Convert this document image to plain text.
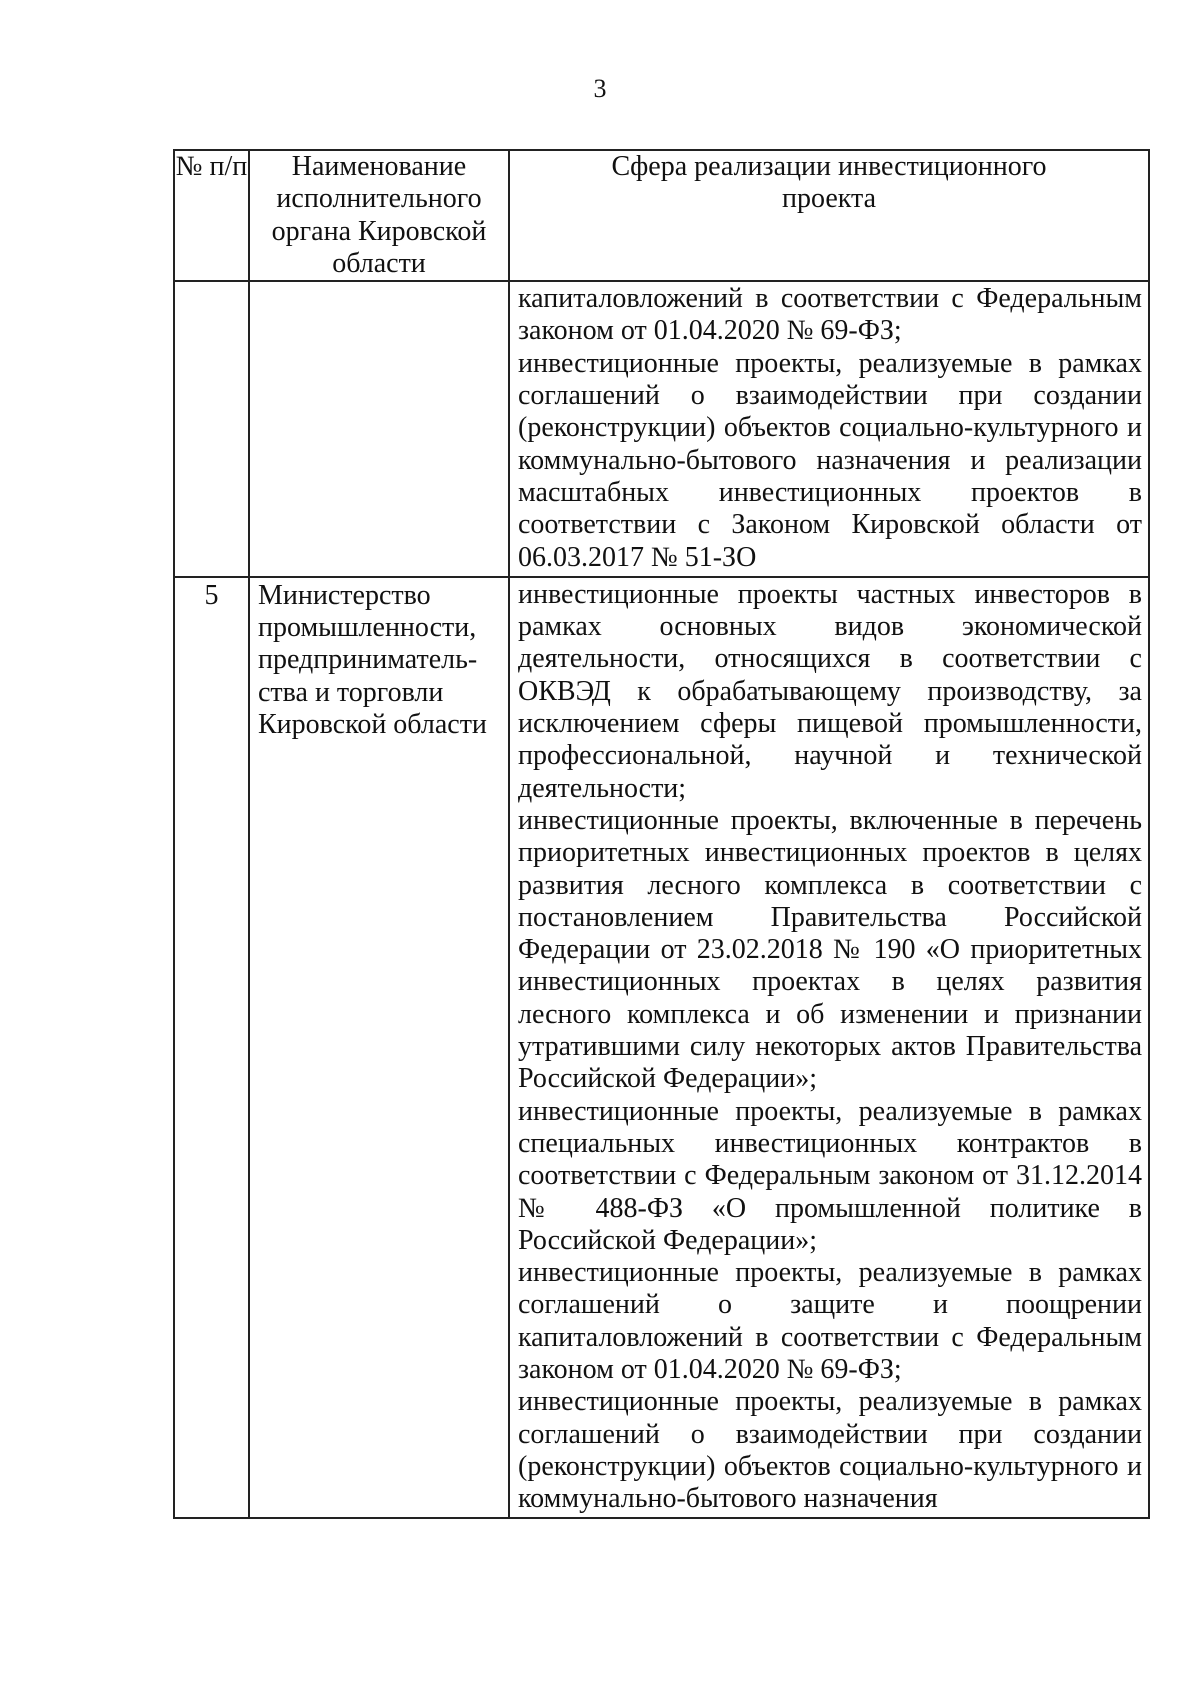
3
№ п/п	Наименование исполнительного органа Кировской области	Сфера реализации инвестиционного проекта

		капиталовложений в соответствии с Федеральным законом от 01.04.2020 № 69-ФЗ;
инвестиционные проекты, реализуемые в рамках соглашений о взаимодействии при создании (реконструкции) объектов социально-культурного и коммунально-бытового назначения и реализации масштабных инвестиционных проектов в соответствии с Законом Кировской области от 06.03.2017 № 51-ЗО

5	Министерство промышленности, предприниматель-ства и торговли Кировской области	инвестиционные проекты частных инвесторов в рамках основных видов экономической деятельности, относящихся в соответствии с ОКВЭД к обрабатывающему производству, за исключением сферы пищевой промышленности, профессиональной, научной и технической деятельности;
инвестиционные проекты, включенные в перечень приоритетных инвестиционных проектов в целях развития лесного комплекса в соответствии с постановлением Правительства Российской Федерации от 23.02.2018 № 190 «О приоритетных инвестиционных проектах в целях развития лесного комплекса и об изменении и признании утратившими силу некоторых актов Правительства Российской Федерации»;
инвестиционные проекты, реализуемые в рамках специальных инвестиционных контрактов в соответствии с Федеральным законом от 31.12.2014 № 488-ФЗ «О промышленной политике в Российской Федерации»;
инвестиционные проекты, реализуемые в рамках соглашений о защите и поощрении капиталовложений в соответствии с Федеральным законом от 01.04.2020 № 69-ФЗ;
инвестиционные проекты, реализуемые в рамках соглашений о взаимодействии при создании (реконструкции) объектов социально-культурного и коммунально-бытового назначения
